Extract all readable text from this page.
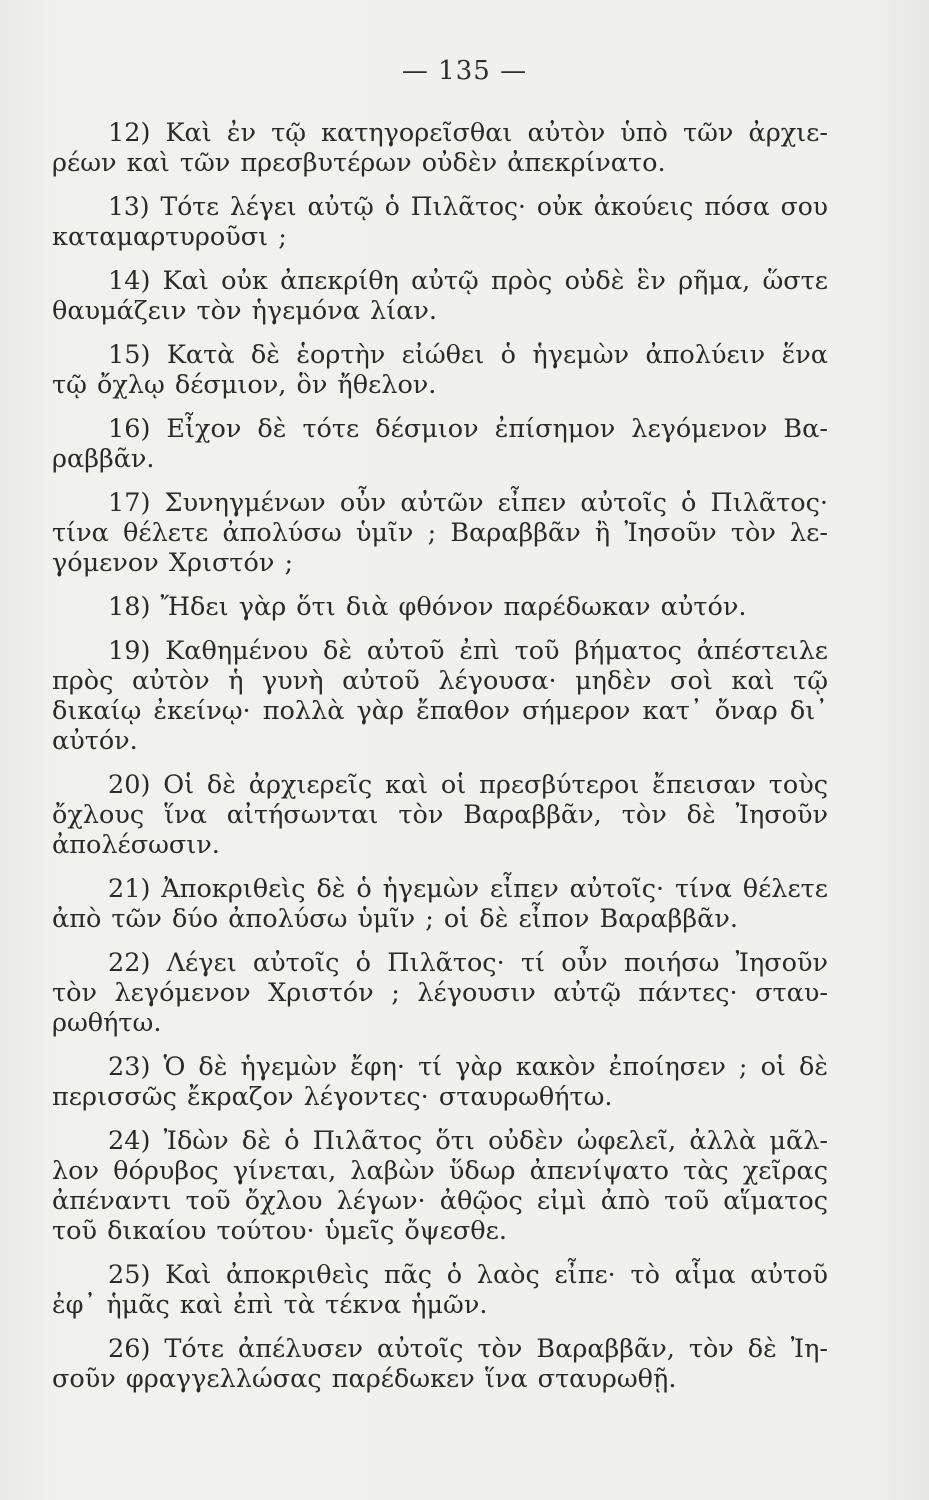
— 135 —
12) Καὶ ἐν τῷ κατηγορεῖσθαι αὐτὸν ὑπὸ τῶν ἀρχιε-
ρέων καὶ τῶν πρεσβυτέρων οὐδὲν ἀπεκρίνατο.
13) Τότε λέγει αὐτῷ ὁ Πιλᾶτος· οὐκ ἀκούεις πόσα σου
καταμαρτυροῦσι ;
14) Καὶ οὐκ ἀπεκρίθη αὐτῷ πρὸς οὐδὲ ἓν ρῆμα, ὥστε
θαυμάζειν τὸν ἡγεμόνα λίαν.
15) Κατὰ δὲ ἑορτὴν εἰώθει ὁ ἡγεμὼν ἀπολύειν ἕνα
τῷ ὄχλῳ δέσμιον, ὃν ἤθελον.
16) Εἶχον δὲ τότε δέσμιον ἐπίσημον λεγόμενον Βα-
ραββᾶν.
17) Συνηγμένων οὖν αὐτῶν εἶπεν αὐτοῖς ὁ Πιλᾶτος·
τίνα θέλετε ἀπολύσω ὑμῖν ; Βαραββᾶν ἢ Ἰησοῦν τὸν λε-
γόμενον Χριστόν ;
18) Ἤδει γὰρ ὅτι διὰ φθόνον παρέδωκαν αὐτόν.
19) Καθημένου δὲ αὐτοῦ ἐπὶ τοῦ βήματος ἀπέστειλε
πρὸς αὐτὸν ἡ γυνὴ αὐτοῦ λέγουσα· μηδὲν σοὶ καὶ τῷ
δικαίῳ ἐκείνῳ· πολλὰ γὰρ ἔπαθον σήμερον κατ᾽ ὄναρ δι᾽
αὐτόν.
20) Οἱ δὲ ἀρχιερεῖς καὶ οἱ πρεσβύτεροι ἔπεισαν τοὺς
ὄχλους ἵνα αἰτήσωνται τὸν Βαραββᾶν, τὸν δὲ Ἰησοῦν
ἀπολέσωσιν.
21) Ἀποκριθεὶς δὲ ὁ ἡγεμὼν εἶπεν αὐτοῖς· τίνα θέλετε
ἀπὸ τῶν δύο ἀπολύσω ὑμῖν ; οἱ δὲ εἶπον Βαραββᾶν.
22) Λέγει αὐτοῖς ὁ Πιλᾶτος· τί οὖν ποιήσω Ἰησοῦν
τὸν λεγόμενον Χριστόν ; λέγουσιν αὐτῷ πάντες· σταυ-
ρωθήτω.
23) Ὁ δὲ ἡγεμὼν ἔφη· τί γὰρ κακὸν ἐποίησεν ; οἱ δὲ
περισσῶς ἔκραζον λέγοντες· σταυρωθήτω.
24) Ἰδὼν δὲ ὁ Πιλᾶτος ὅτι οὐδὲν ὠφελεῖ, ἀλλὰ μᾶλ-
λον θόρυβος γίνεται, λαβὼν ὕδωρ ἀπενίψατο τὰς χεῖρας
ἀπέναντι τοῦ ὄχλου λέγων· ἀθῷος εἰμὶ ἀπὸ τοῦ αἵματος
τοῦ δικαίου τούτου· ὑμεῖς ὄψεσθε.
25) Καὶ ἀποκριθεὶς πᾶς ὁ λαὸς εἶπε· τὸ αἷμα αὐτοῦ
ἐφ᾽ ἡμᾶς καὶ ἐπὶ τὰ τέκνα ἡμῶν.
26) Τότε ἀπέλυσεν αὐτοῖς τὸν Βαραββᾶν, τὸν δὲ Ἰη-
σοῦν φραγγελλώσας παρέδωκεν ἵνα σταυρωθῇ.
